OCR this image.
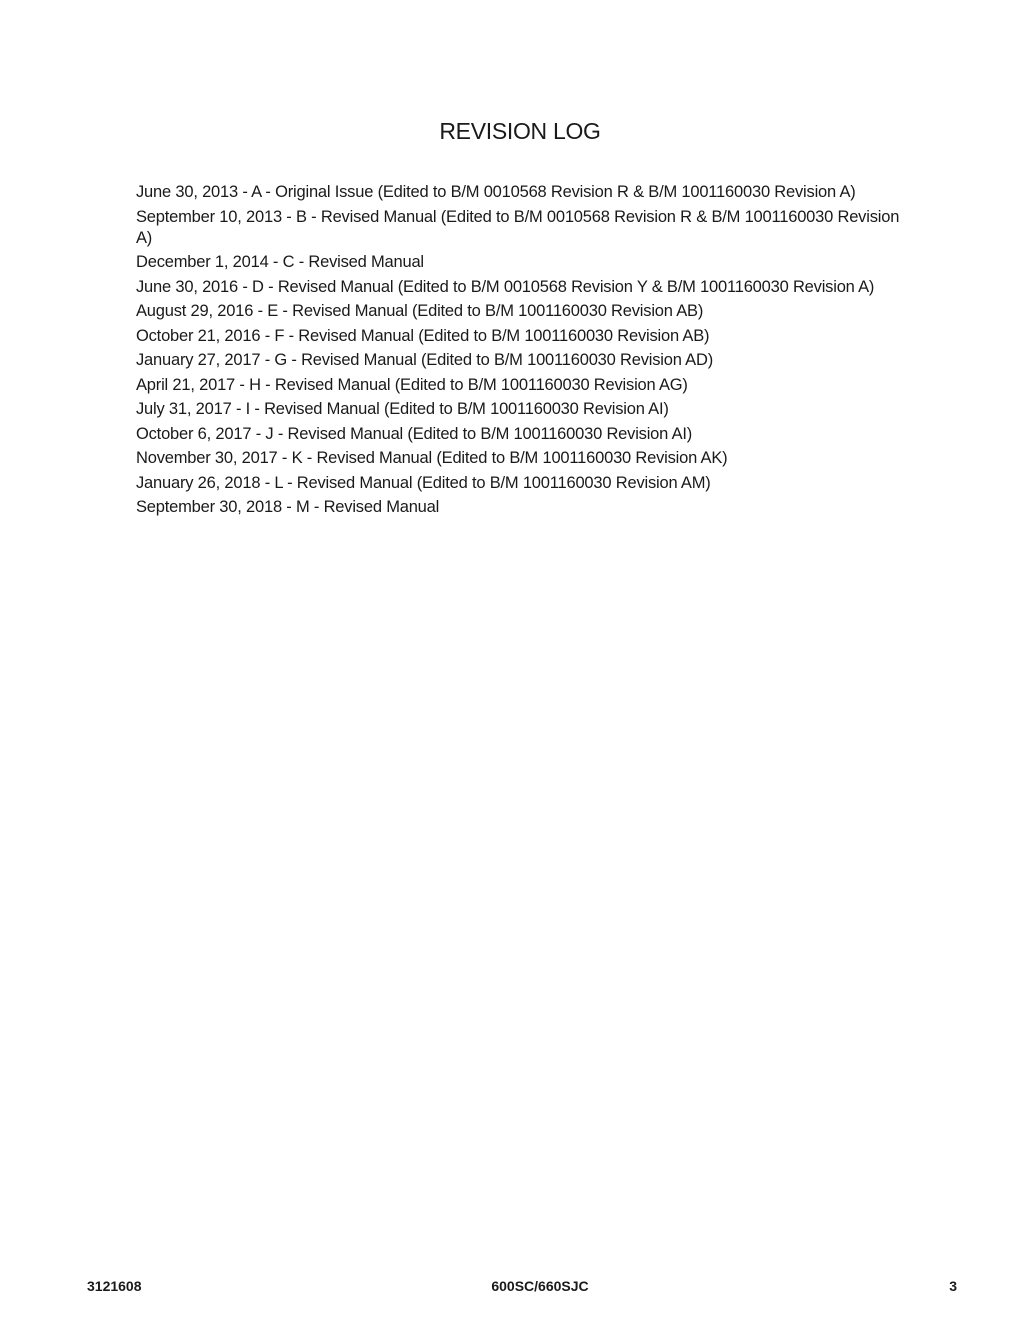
REVISION LOG
June 30, 2013 - A - Original Issue (Edited to B/M 0010568 Revision R & B/M 1001160030 Revision A)
September 10, 2013 - B - Revised Manual (Edited to B/M 0010568 Revision R & B/M 1001160030 Revision A)
December 1, 2014 - C - Revised Manual
June 30, 2016 - D - Revised Manual (Edited to B/M 0010568 Revision Y & B/M 1001160030 Revision A)
August 29, 2016 - E - Revised Manual (Edited to B/M 1001160030 Revision AB)
October 21, 2016 - F - Revised Manual (Edited to B/M 1001160030 Revision AB)
January 27, 2017 - G - Revised Manual (Edited to B/M 1001160030 Revision AD)
April 21, 2017 - H - Revised Manual (Edited to B/M 1001160030 Revision AG)
July 31, 2017 - I - Revised Manual (Edited to B/M 1001160030 Revision AI)
October 6, 2017 - J - Revised Manual (Edited to B/M 1001160030 Revision AI)
November 30, 2017 - K - Revised Manual (Edited to B/M 1001160030 Revision AK)
January 26, 2018 - L - Revised Manual (Edited to B/M 1001160030 Revision AM)
September 30, 2018 - M - Revised Manual
3121608	600SC/660SJC	3
